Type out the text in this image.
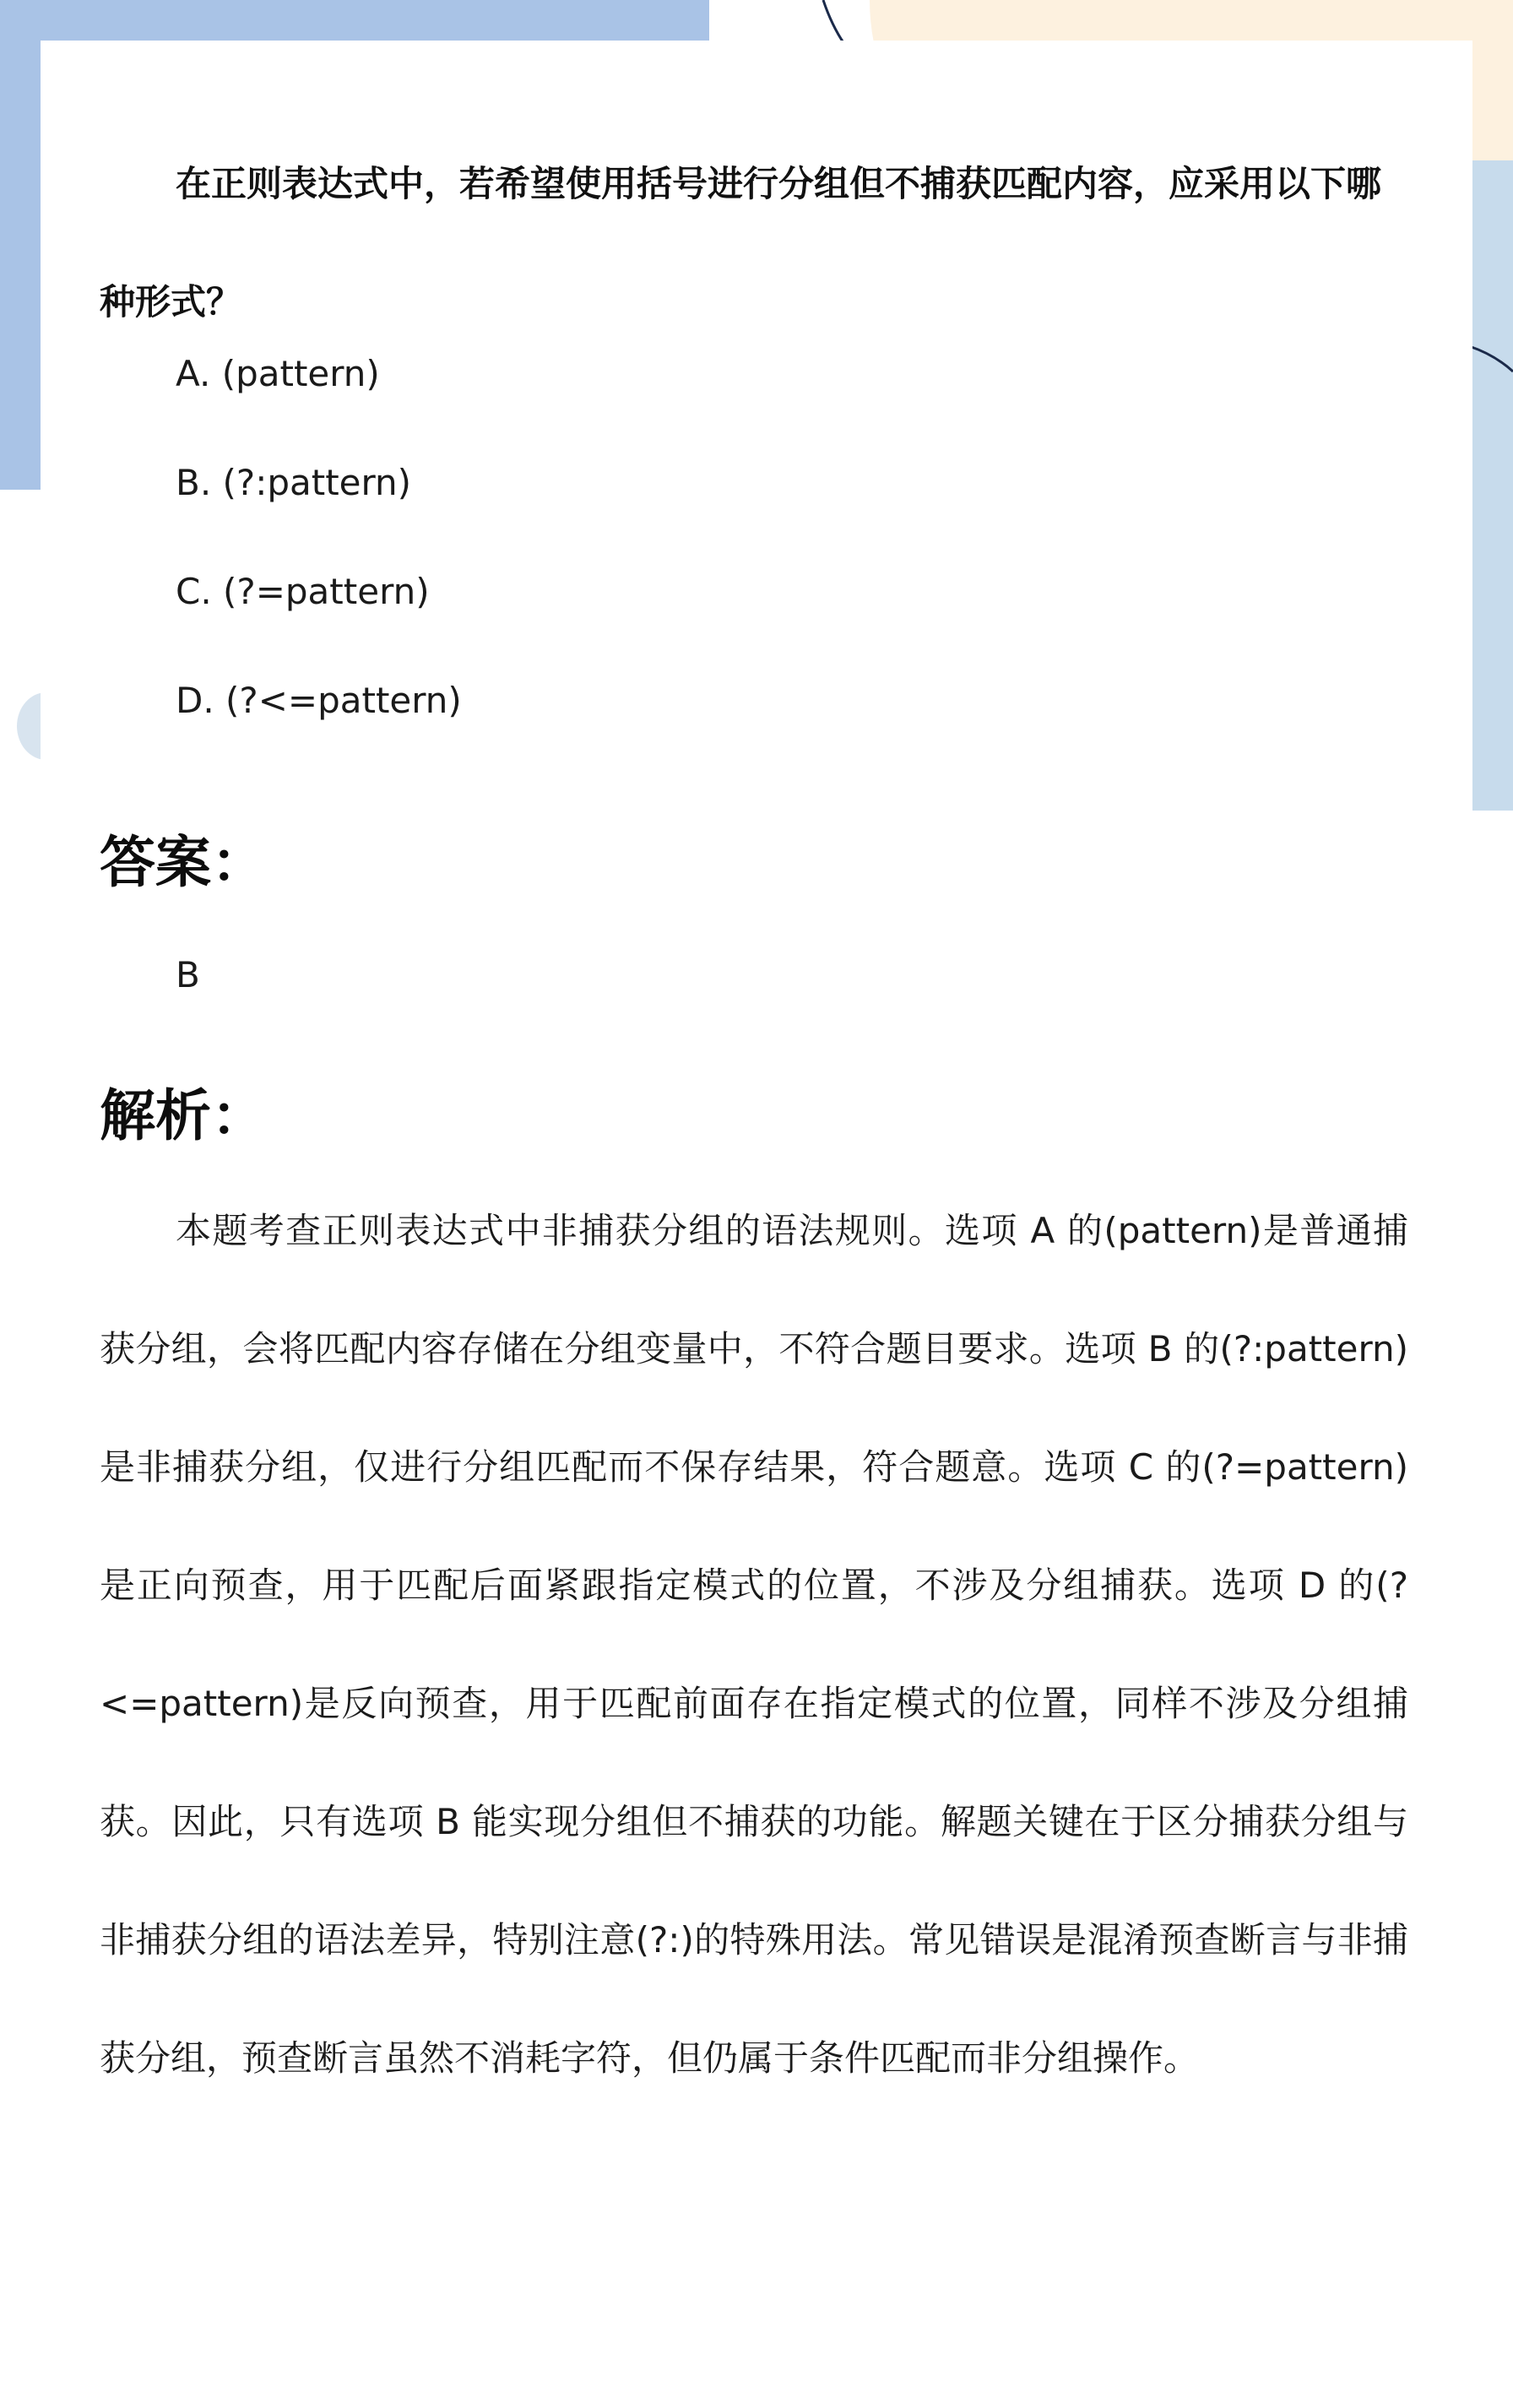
在正则表达式中，若希望使用括号进行分组但不捕获匹配内容，应采用以下哪种形式？

A. (pattern)
B. (?:pattern)
C. (?=pattern)
D. (?<=pattern)
答案：
B
解析：

本题考查正则表达式中非捕获分组的语法规则。选项 A 的(pattern)是普通捕获分组，会将匹配内容存储在分组变量中，不符合题目要求。选项 B 的(?:pattern)是非捕获分组，仅进行分组匹配而不保存结果，符合题意。选项 C 的(?=pattern)是正向预查，用于匹配后面紧跟指定模式的位置，不涉及分组捕获。选项 D 的(?<=pattern)是反向预查，用于匹配前面存在指定模式的位置，同样不涉及分组捕获。因此，只有选项 B 能实现分组但不捕获的功能。解题关键在于区分捕获分组与非捕获分组的语法差异，特别注意(?:)的特殊用法。常见错误是混淆预查断言与非捕获分组，预查断言虽然不消耗字符，但仍属于条件匹配而非分组操作。
